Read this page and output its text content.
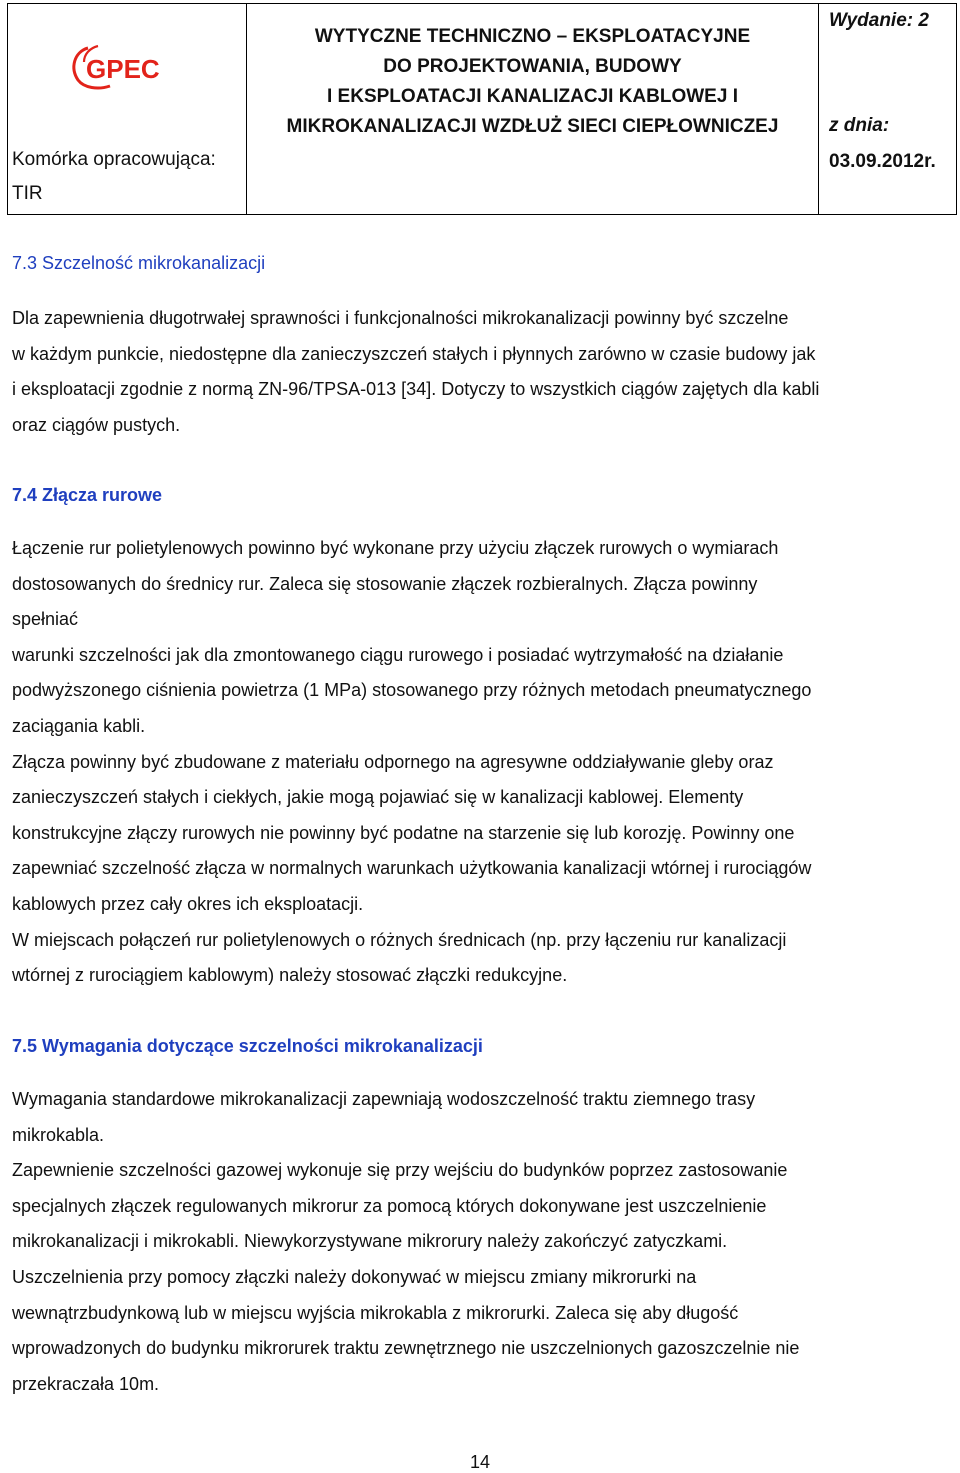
GPEC
Komórka opracowująca:
TIR
WYTYCZNE TECHNICZNO – EKSPLOATACYJNE
DO PROJEKTOWANIA, BUDOWY
I EKSPLOATACJI KANALIZACJI KABLOWEJ I
MIKROKANALIZACJI WZDŁUŻ SIECI CIEPŁOWNICZEJ
Wydanie: 2
z dnia:
03.09.2012r.
7.3 Szczelność mikrokanalizacji

Dla zapewnienia długotrwałej sprawności i funkcjonalności mikrokanalizacji powinny być szczelne

w każdym punkcie, niedostępne dla zanieczyszczeń stałych i płynnych zarówno w czasie budowy jak

i eksploatacji zgodnie z normą ZN-96/TPSA-013 [34]. Dotyczy to wszystkich ciągów zajętych dla kabli

oraz ciągów pustych.

7.4 Złącza rurowe

Łączenie rur polietylenowych powinno być wykonane przy użyciu złączek rurowych o wymiarach

dostosowanych do średnicy rur. Zaleca się stosowanie złączek rozbieralnych. Złącza powinny

spełniać

warunki szczelności jak dla zmontowanego ciągu rurowego i posiadać wytrzymałość na działanie

podwyższonego ciśnienia powietrza (1 MPa) stosowanego przy różnych metodach pneumatycznego

zaciągania kabli.

Złącza powinny być zbudowane z materiału odpornego na agresywne oddziaływanie gleby oraz

zanieczyszczeń stałych i ciekłych, jakie mogą pojawiać się w kanalizacji kablowej. Elementy

konstrukcyjne złączy rurowych nie powinny być podatne na starzenie się lub korozję. Powinny one

zapewniać szczelność złącza w normalnych warunkach użytkowania kanalizacji wtórnej i rurociągów

kablowych przez cały okres ich eksploatacji.

W miejscach połączeń rur polietylenowych o różnych średnicach (np. przy łączeniu rur kanalizacji

wtórnej z rurociągiem kablowym) należy stosować złączki redukcyjne.

7.5 Wymagania dotyczące szczelności mikrokanalizacji

Wymagania standardowe mikrokanalizacji zapewniają wodoszczelność traktu ziemnego trasy

mikrokabla.

Zapewnienie szczelności gazowej wykonuje się przy wejściu do budynków poprzez zastosowanie

specjalnych złączek regulowanych mikrorur za pomocą których dokonywane jest uszczelnienie

mikrokanalizacji i mikrokabli. Niewykorzystywane mikrorury należy zakończyć zatyczkami.

Uszczelnienia przy pomocy złączki należy dokonywać w miejscu zmiany mikrorurki na

wewnątrzbudynkową lub w miejscu wyjścia mikrokabla z mikrorurki. Zaleca się aby długość

wprowadzonych do budynku mikrorurek traktu zewnętrznego nie uszczelnionych gazoszczelnie nie

przekraczała 10m.

14
